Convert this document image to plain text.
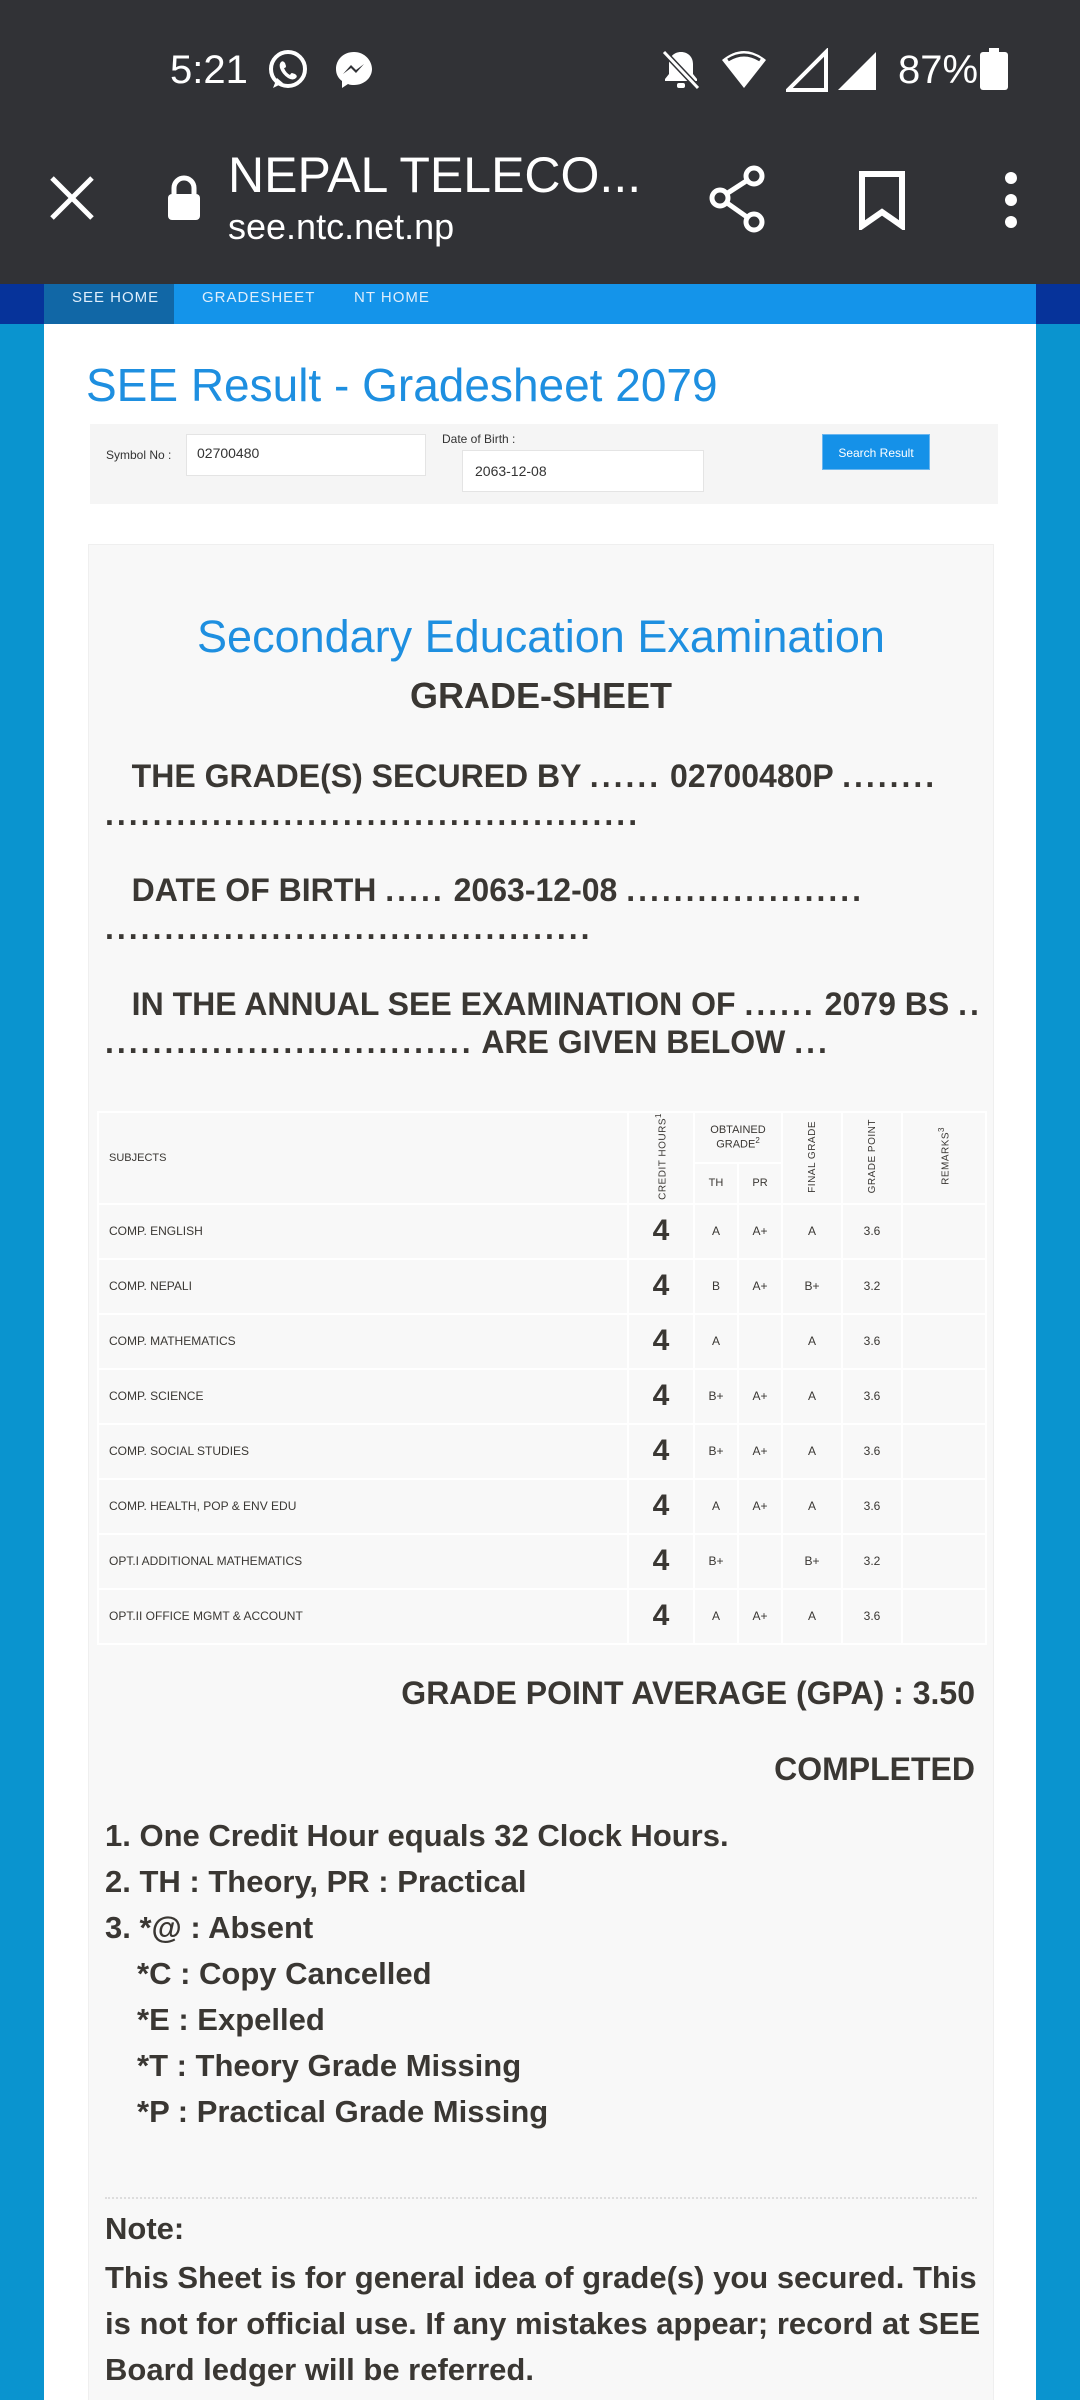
5:21	87%
NEPAL TELECO...
see.ntc.net.np
SEE HOME	GRADESHEET	NT HOME
SEE Result - Gradesheet 2079
Symbol No :	02700480
Date of Birth :
2063-12-08
Search Result
Secondary Education Examination
GRADE-SHEET
THE GRADE(S) SECURED BY ...... 02700480P ........ .............................................
DATE OF BIRTH ..... 2063-12-08 .................... .........................................
IN THE ANNUAL SEE EXAMINATION OF ...... 2079 BS .. ............................... ARE GIVEN BELOW ...
SUBJECTS	CREDIT HOURS$^1$	OBTAINED GRADE$^2$		FINAL GRADE	GRADE POINT	REMARKS$^3$
		TH	PR			
COMP. ENGLISH	4	A	A+	A	3.6	
COMP. NEPALI	4	B	A+	B+	3.2	
COMP. MATHEMATICS	4	A		A	3.6	
COMP. SCIENCE	4	B+	A+	A	3.6	
COMP. SOCIAL STUDIES	4	B+	A+	A	3.6	
COMP. HEALTH, POP & ENV EDU	4	A	A+	A	3.6	
OPT.I ADDITIONAL MATHEMATICS	4	B+		B+	3.2	
OPT.II OFFICE MGMT & ACCOUNT	4	A	A+	A	3.6	
GRADE POINT AVERAGE (GPA) : 3.50
COMPLETED
1. One Credit Hour equals 32 Clock Hours.
2. TH : Theory, PR : Practical
3. *@ : Absent
*C : Copy Cancelled
*E : Expelled
*T : Theory Grade Missing
*P : Practical Grade Missing
Note:
This Sheet is for general idea of grade(s) you secured. This is not for official use. If any mistakes appear; record at SEE Board ledger will be referred.
